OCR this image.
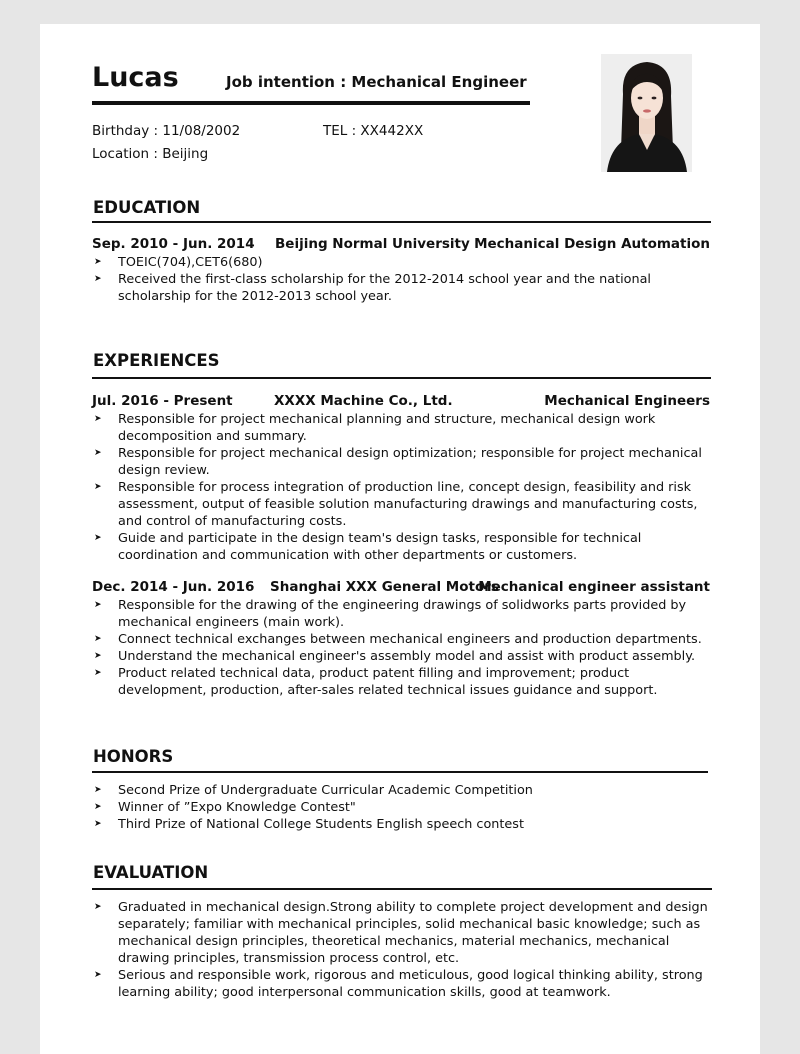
Lucas	Job intention : Mechanical Engineer
Birthday : 11/08/2002	TEL : XX442XX
Location : Beijing
EDUCATION
Sep. 2010 - Jun. 2014 Beijing Normal University Mechanical Design Automation
➤ TOEIC(704),CET6(680)
➤ Received the first-class scholarship for the 2012-2014 school year and the national scholarship for the 2012-2013 school year.
EXPERIENCES
Jul. 2016 - Present	XXXX Machine Co., Ltd.	Mechanical Engineers
➤ Responsible for project mechanical planning and structure, mechanical design work decomposition and summary.
➤ Responsible for project mechanical design optimization; responsible for project mechanical design review.
➤ Responsible for process integration of production line, concept design, feasibility and risk assessment, output of feasible solution manufacturing drawings and manufacturing costs, and control of manufacturing costs.
➤ Guide and participate in the design team's design tasks, responsible for technical coordination and communication with other departments or customers.
Dec. 2014 - Jun. 2016 Shanghai XXX General Motors
Mechanical engineer assistant
➤ Responsible for the drawing of the engineering drawings of solidworks parts provided by mechanical engineers (main work).
➤ Connect technical exchanges between mechanical engineers and production departments.
➤ Understand the mechanical engineer's assembly model and assist with product assembly.
➤ Product related technical data, product patent filling and improvement; product development, production, after-sales related technical issues guidance and support.
HONORS
➤ Second Prize of Undergraduate Curricular Academic Competition
➤ Winner of ”Expo Knowledge Contest"
➤ Third Prize of National College Students English speech contest
EVALUATION
➤ Graduated in mechanical design.Strong ability to complete project development and design separately; familiar with mechanical principles, solid mechanical basic knowledge; such as mechanical design principles, theoretical mechanics, material mechanics, mechanical drawing principles, transmission process control, etc.
➤ Serious and responsible work, rigorous and meticulous, good logical thinking ability, strong learning ability; good interpersonal communication skills, good at teamwork.
